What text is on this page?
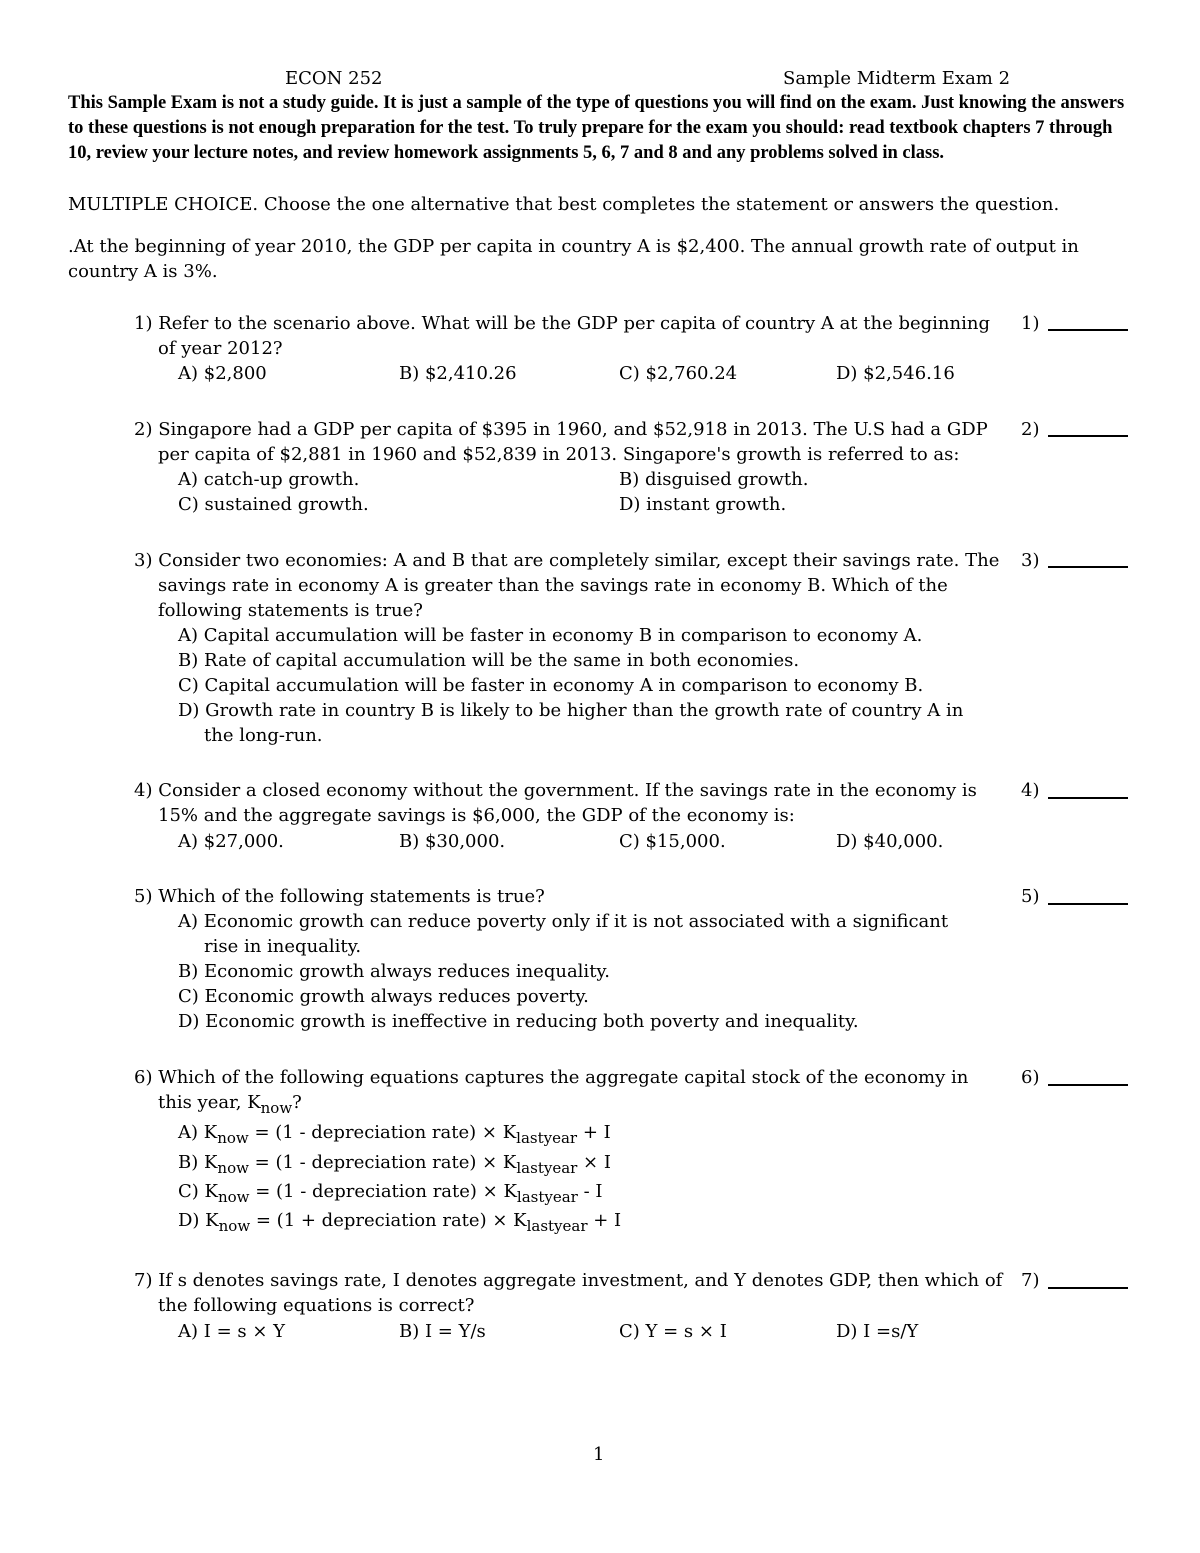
ECON 252	Sample Midterm Exam 2
This Sample Exam is not a study guide. It is just a sample of the type of questions you will find on the exam. Just knowing the answers to these questions is not enough preparation for the test. To truly prepare for the exam you should: read textbook chapters 7 through 10, review your lecture notes, and review homework assignments 5, 6, 7 and 8 and any problems solved in class.
MULTIPLE CHOICE. Choose the one alternative that best completes the statement or answers the question.
.At the beginning of year 2010, the GDP per capita in country A is $2,400. The annual growth rate of output in country A is 3%.
1) Refer to the scenario above. What will be the GDP per capita of country A at the beginning of year 2012?
1)
A) $2,800	B) $2,410.26	C) $2,760.24	D) $2,546.16
2) Singapore had a GDP per capita of $395 in 1960, and $52,918 in 2013. The U.S had a GDP per capita of $2,881 in 1960 and $52,839 in 2013. Singapore's growth is referred to as:
2)
A) catch-up growth.	B) disguised growth.
C) sustained growth.	D) instant growth.
3) Consider two economies: A and B that are completely similar, except their savings rate. The savings rate in economy A is greater than the savings rate in economy B. Which of the following statements is true?
3)
A) Capital accumulation will be faster in economy B in comparison to economy A.
B) Rate of capital accumulation will be the same in both economies.
C) Capital accumulation will be faster in economy A in comparison to economy B.
D) Growth rate in country B is likely to be higher than the growth rate of country A in the long-run.
4) Consider a closed economy without the government. If the savings rate in the economy is 15% and the aggregate savings is $6,000, the GDP of the economy is:
4)
A) $27,000.	B) $30,000.	C) $15,000.	D) $40,000.
5) Which of the following statements is true?	5)
A) Economic growth can reduce poverty only if it is not associated with a significant rise in inequality.
B) Economic growth always reduces inequality.
C) Economic growth always reduces poverty.
D) Economic growth is ineffective in reducing both poverty and inequality.
6) Which of the following equations captures the aggregate capital stock of the economy in this year, $K_{now}$?
6)
A) $K_{now} = (1$ - depreciation rate) × $K_{lastyear} + I$
B) $K_{now} = (1$ - depreciation rate) × $K_{lastyear} \times I$
C) $K_{now} = (1$ - depreciation rate) × $K_{lastyear}$ - I
D) $K_{now} = (1$ + depreciation rate) × $K_{lastyear} + I$
7) If s denotes savings rate, I denotes aggregate investment, and Y denotes GDP, then which of the following equations is correct?
7)
A) I = s × Y	B) I = Y/s	C) Y = s × I	D) I =s/Y
1
